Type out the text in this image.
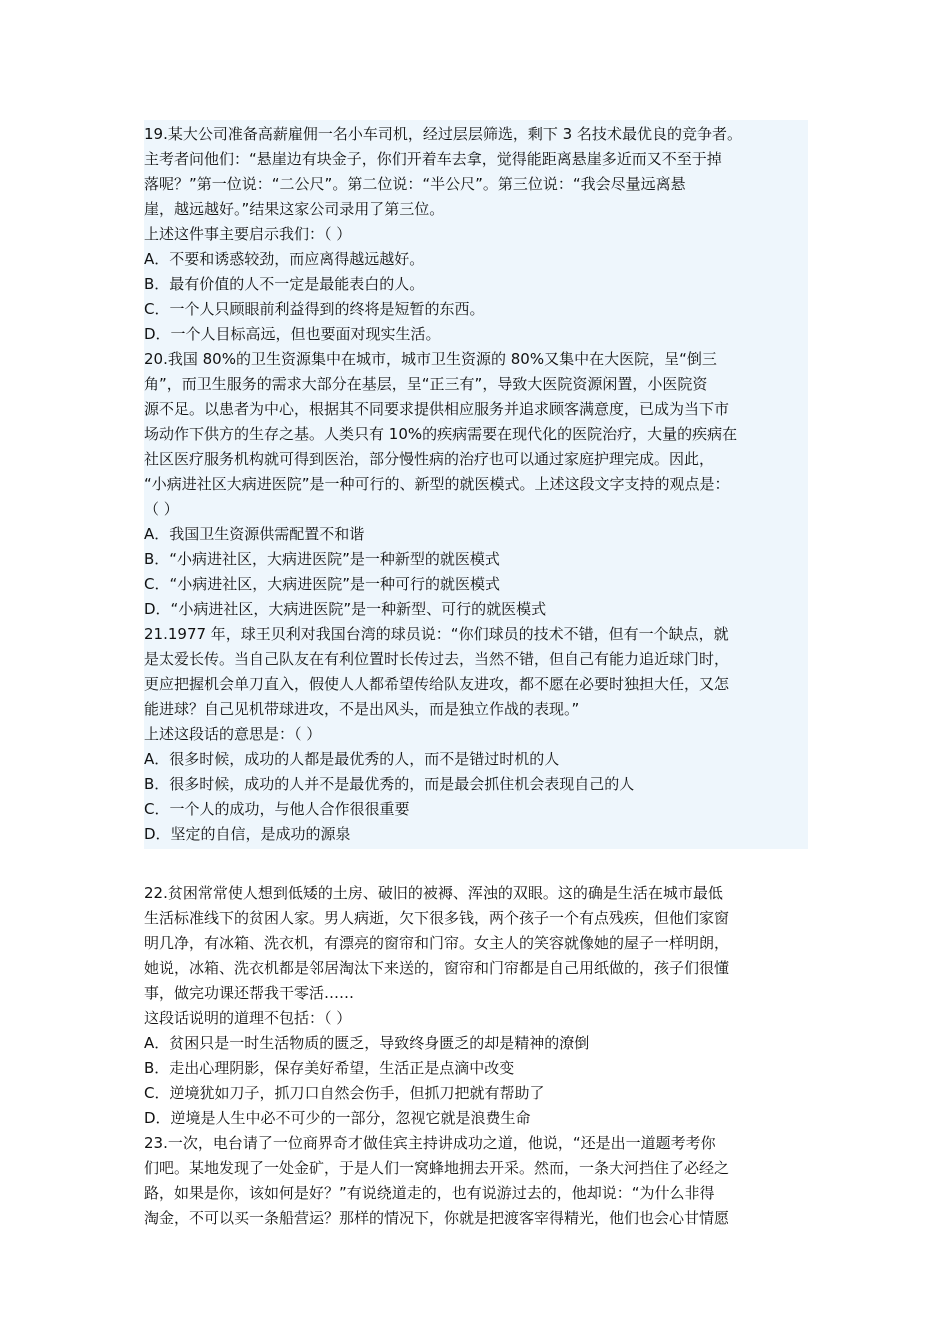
19.某大公司准备高薪雇佣一名小车司机，经过层层筛选，剩下 3 名技术最优良的竞争者。
主考者问他们：“悬崖边有块金子，你们开着车去拿，觉得能距离悬崖多近而又不至于掉
落呢？”第一位说：“二公尺”。第二位说：“半公尺”。第三位说：“我会尽量远离悬
崖，越远越好。”结果这家公司录用了第三位。
上述这件事主要启示我们：（ ）
A．不要和诱惑较劲，而应离得越远越好。
B．最有价值的人不一定是最能表白的人。
C．一个人只顾眼前利益得到的终将是短暂的东西。
D．一个人目标高远，但也要面对现实生活。
20.我国 80%的卫生资源集中在城市，城市卫生资源的 80%又集中在大医院，呈“倒三
角”，而卫生服务的需求大部分在基层，呈“正三有”，导致大医院资源闲置，小医院资
源不足。以患者为中心，根据其不同要求提供相应服务并追求顾客满意度，已成为当下市
场动作下供方的生存之基。人类只有 10%的疾病需要在现代化的医院治疗，大量的疾病在
社区医疗服务机构就可得到医治，部分慢性病的治疗也可以通过家庭护理完成。因此，
“小病进社区大病进医院”是一种可行的、新型的就医模式。上述这段文字支持的观点是：
（ ）
A．我国卫生资源供需配置不和谐
B．“小病进社区，大病进医院”是一种新型的就医模式
C．“小病进社区，大病进医院”是一种可行的就医模式
D．“小病进社区，大病进医院”是一种新型、可行的就医模式
21.1977 年，球王贝利对我国台湾的球员说：“你们球员的技术不错，但有一个缺点，就
是太爱长传。当自己队友在有利位置时长传过去，当然不错，但自己有能力追近球门时，
更应把握机会单刀直入，假使人人都希望传给队友进攻，都不愿在必要时独担大任，又怎
能进球？自己见机带球进攻，不是出风头，而是独立作战的表现。”
上述这段话的意思是：（ ）
A．很多时候，成功的人都是最优秀的人，而不是错过时机的人
B．很多时候，成功的人并不是最优秀的，而是最会抓住机会表现自己的人
C．一个人的成功，与他人合作很很重要
D．坚定的自信，是成功的源泉
22.贫困常常使人想到低矮的土房、破旧的被褥、浑浊的双眼。这的确是生活在城市最低
生活标准线下的贫困人家。男人病逝，欠下很多钱，两个孩子一个有点残疾，但他们家窗
明几净，有冰箱、洗衣机，有漂亮的窗帘和门帘。女主人的笑容就像她的屋子一样明朗，
她说，冰箱、洗衣机都是邻居淘汰下来送的，窗帘和门帘都是自己用纸做的，孩子们很懂
事，做完功课还帮我干零活……
这段话说明的道理不包括：（ ）
A．贫困只是一时生活物质的匮乏，导致终身匮乏的却是精神的潦倒
B．走出心理阴影，保存美好希望，生活正是点滴中改变
C．逆境犹如刀子，抓刀口自然会伤手，但抓刀把就有帮助了
D．逆境是人生中必不可少的一部分，忽视它就是浪费生命
23.一次，电台请了一位商界奇才做佳宾主持讲成功之道，他说，“还是出一道题考考你
们吧。某地发现了一处金矿，于是人们一窝蜂地拥去开采。然而，一条大河挡住了必经之
路，如果是你，该如何是好？”有说绕道走的，也有说游过去的，他却说：“为什么非得
淘金，不可以买一条船营运？那样的情况下，你就是把渡客宰得精光，他们也会心甘情愿
